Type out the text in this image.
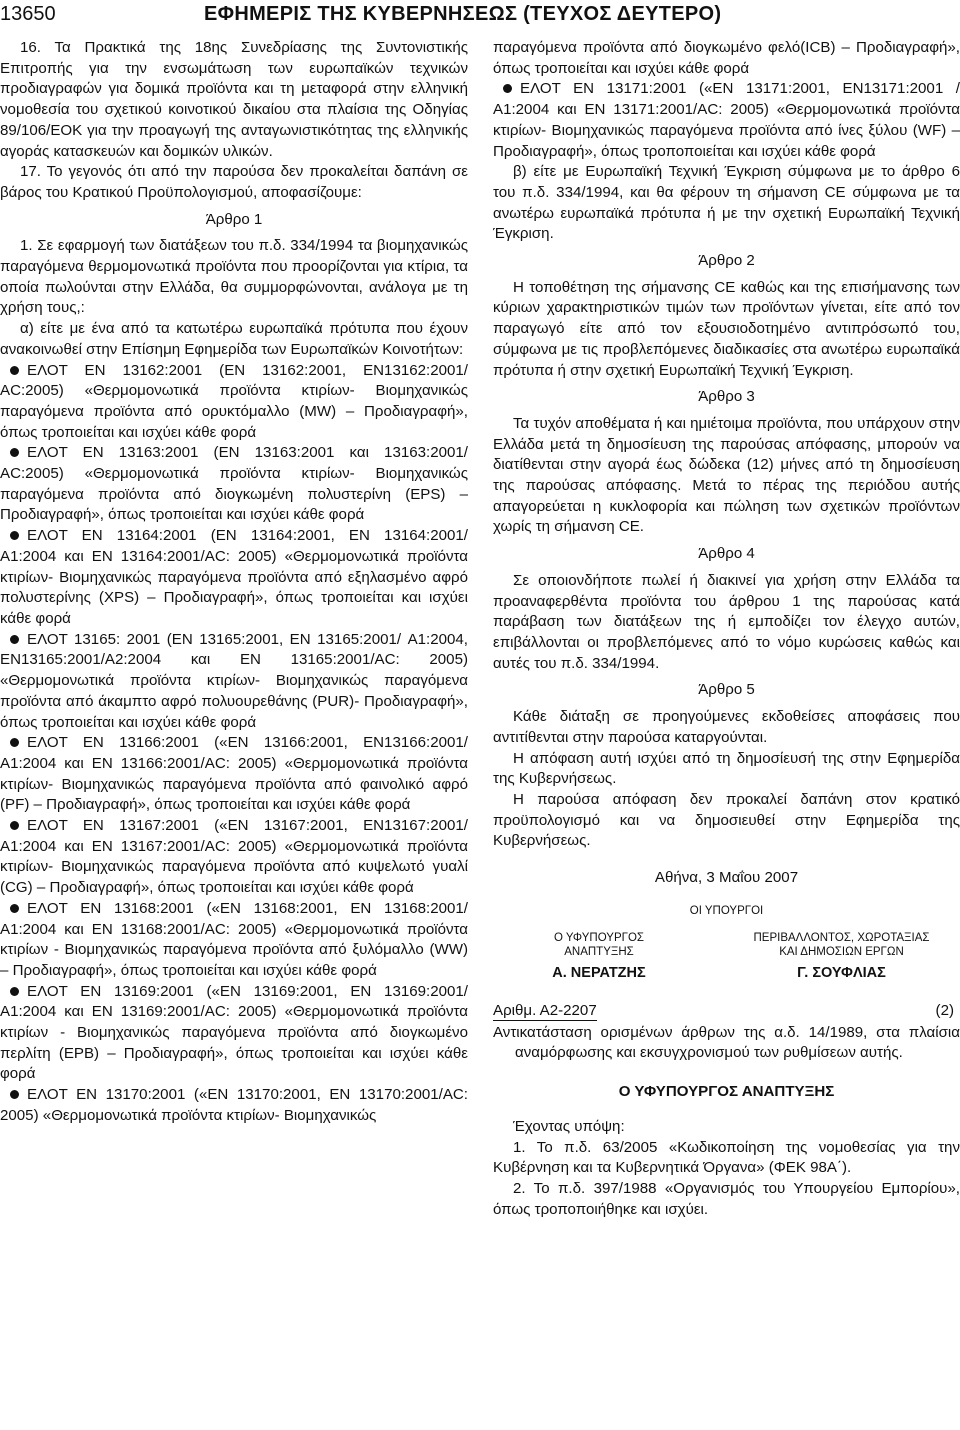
13650	ΕΦΗΜΕΡΙΣ ΤΗΣ ΚΥΒΕΡΝΗΣΕΩΣ (ΤΕΥΧΟΣ ΔΕΥΤΕΡΟ)

16. Τα Πρακτικά της 18ης Συνεδρίασης της Συντονιστικής Επιτροπής για την ενσωμάτωση των ευρωπαϊκών τεχνικών προδιαγραφών για δομικά προϊόντα και τη μεταφορά στην ελληνική νομοθεσία του σχετικού κοινοτικού δικαίου στα πλαίσια της Οδηγίας 89/106/ΕΟΚ για την προαγωγή της ανταγωνιστικότητας της ελληνικής αγοράς κατασκευών και δομικών υλικών.

17. Το γεγονός ότι από την παρούσα δεν προκαλείται δαπάνη σε βάρος του Κρατικού Προϋπολογισμού, αποφασίζουμε:

Άρθρο 1

1. Σε εφαρμογή των διατάξεων του π.δ. 334/1994 τα βιομηχανικώς παραγόμενα θερμομονωτικά προϊόντα που προορίζονται για κτίρια, τα οποία πωλούνται στην Ελλάδα, θα συμμορφώνονται, ανάλογα με τη χρήση τους,:

α) είτε με ένα από τα κατωτέρω ευρωπαϊκά πρότυπα που έχουν ανακοινωθεί στην Επίσημη Εφημερίδα των Ευρωπαϊκών Κοινοτήτων:

ΕΛΟΤ ΕΝ 13162:2001 (EN 13162:2001, EN13162:2001/ AC:2005) «Θερμομονωτικά προϊόντα κτιρίων- Βιομηχανικώς παραγόμενα προϊόντα από ορυκτόμαλλο (MW) – Προδιαγραφή», όπως τροποιείται και ισχύει κάθε φορά

ΕΛΟΤ ΕΝ 13163:2001 (ΕΝ 13163:2001 και 13163:2001/ AC:2005) «Θερμομονωτικά προϊόντα κτιρίων- Βιομηχανικώς παραγόμενα προϊόντα από διογκωμένη πολυστερίνη (EPS) – Προδιαγραφή», όπως τροποιείται και ισχύει κάθε φορά

ΕΛΟΤ ΕΝ 13164:2001 (ΕΝ 13164:2001, ΕΝ 13164:2001/ A1:2004 και ΕΝ 13164:2001/AC: 2005) «Θερμομονωτικά προϊόντα κτιρίων- Βιομηχανικώς παραγόμενα προϊόντα από εξηλασμένο αφρό πολυστερίνης (XPS) – Προδιαγραφή», όπως τροποιείται και ισχύει κάθε φορά

ΕΛΟΤ 13165: 2001 (ΕΝ 13165:2001, ΕΝ 13165:2001/ A1:2004, EN13165:2001/A2:2004 και ΕΝ 13165:2001/AC: 2005) «Θερμομονωτικά προϊόντα κτιρίων- Βιομηχανικώς παραγόμενα προϊόντα από άκαμπτο αφρό πολυουρεθάνης (PUR)- Προδιαγραφή», όπως τροποιείται και ισχύει κάθε φορά

ΕΛΟΤ ΕΝ 13166:2001 («ΕΝ 13166:2001, ΕΝ13166:2001/ A1:2004 και ΕΝ 13166:2001/AC: 2005) «Θερμομονωτικά προϊόντα κτιρίων- Βιομηχανικώς παραγόμενα προϊόντα από φαινολικό αφρό (PF) – Προδιαγραφή», όπως τροποιείται και ισχύει κάθε φορά

ΕΛΟΤ ΕΝ 13167:2001 («ΕΝ 13167:2001, ΕΝ13167:2001/ A1:2004 και ΕΝ 13167:2001/AC: 2005) «Θερμομονωτικά προϊόντα κτιρίων- Βιομηχανικώς παραγόμενα προϊόντα από κυψελωτό γυαλί (CG) – Προδιαγραφή», όπως τροποιείται και ισχύει κάθε φορά

ΕΛΟΤ ΕΝ 13168:2001 («ΕΝ 13168:2001, ΕΝ 13168:2001/ A1:2004 και ΕΝ 13168:2001/AC: 2005) «Θερμομονωτικά προϊόντα κτιρίων - Βιομηχανικώς παραγόμενα προϊόντα από ξυλόμαλλο (WW) – Προδιαγραφή», όπως τροποιείται και ισχύει κάθε φορά

ΕΛΟΤ ΕΝ 13169:2001 («ΕΝ 13169:2001, ΕΝ 13169:2001/ A1:2004 και ΕΝ 13169:2001/AC: 2005) «Θερμομονωτικά προϊόντα κτιρίων - Βιομηχανικώς παραγόμενα προϊόντα από διογκωμένο περλίτη (EPB) – Προδιαγραφή», όπως τροποιείται και ισχύει κάθε φορά

ΕΛΟΤ ΕΝ 13170:2001 («ΕΝ 13170:2001, ΕΝ 13170:2001/AC: 2005) «Θερμομονωτικά προϊόντα κτιρίων- Βιομηχανικώς

παραγόμενα προϊόντα από διογκωμένο φελό(ICB) – Προδιαγραφή», όπως τροποιείται και ισχύει κάθε φορά

ΕΛΟΤ ΕΝ 13171:2001 («ΕΝ 13171:2001, ΕΝ13171:2001 / A1:2004 και ΕΝ 13171:2001/AC: 2005) «Θερμομονωτικά προϊόντα κτιρίων- Βιομηχανικώς παραγόμενα προϊόντα από ίνες ξύλου (WF) – Προδιαγραφή», όπως τροποποιείται και ισχύει κάθε φορά

β) είτε με Ευρωπαϊκή Τεχνική Έγκριση σύμφωνα με το άρθρο 6 του π.δ. 334/1994, και θα φέρουν τη σήμανση CE σύμφωνα με τα ανωτέρω ευρωπαϊκά πρότυπα ή με την σχετική Ευρωπαϊκή Τεχνική Έγκριση.

Άρθρο 2

Η τοποθέτηση της σήμανσης CE καθώς και της επισήμανσης των κύριων χαρακτηριστικών τιμών των προϊόντων γίνεται, είτε από τον παραγωγό είτε από τον εξουσιοδοτημένο αντιπρόσωπό του, σύμφωνα με τις προβλεπόμενες διαδικασίες στα ανωτέρω ευρωπαϊκά πρότυπα ή στην σχετική Ευρωπαϊκή Τεχνική Έγκριση.

Άρθρο 3

Τα τυχόν αποθέματα ή και ημιέτοιμα προϊόντα, που υπάρχουν στην Ελλάδα μετά τη δημοσίευση της παρούσας απόφασης, μπορούν να διατίθενται στην αγορά έως δώδεκα (12) μήνες από τη δημοσίευση της παρούσας απόφασης. Μετά το πέρας της περιόδου αυτής απαγορεύεται η κυκλοφορία και πώληση των σχετικών προϊόντων χωρίς τη σήμανση CE.

Άρθρο 4

Σε οποιονδήποτε πωλεί ή διακινεί για χρήση στην Ελλάδα τα προαναφερθέντα προϊόντα του άρθρου 1 της παρούσας κατά παράβαση των διατάξεων της ή εμποδίζει τον έλεγχο αυτών, επιβάλλονται οι προβλεπόμενες από το νόμο κυρώσεις καθώς και αυτές του π.δ. 334/1994.

Άρθρο 5

Κάθε διάταξη σε προηγούμενες εκδοθείσες αποφάσεις που αντιτίθενται στην παρούσα καταργούνται.

Η απόφαση αυτή ισχύει από τη δημοσίευσή της στην Εφημερίδα της Κυβερνήσεως.

Η παρούσα απόφαση δεν προκαλεί δαπάνη στον κρατικό προϋπολογισμό και να δημοσιευθεί στην Εφημερίδα της Κυβερνήσεως.

Αθήνα, 3 Μαΐου 2007

ΟΙ ΥΠΟΥΡΓΟΙ
Ο ΥΦΥΠΟΥΡΓΟΣ
ΑΝΑΠΤΥΞΗΣ
ΠΕΡΙΒΑΛΛΟΝΤΟΣ, ΧΩΡΟΤΑΞΙΑΣ
ΚΑΙ ΔΗΜΟΣΙΩΝ ΕΡΓΩΝ
Α. ΝΕΡΑΤΖΗΣ	Γ. ΣΟΥΦΛΙΑΣ
Αριθμ. Α2-2207	(2)

Αντικατάσταση ορισμένων άρθρων της α.δ. 14/1989, στα πλαίσια αναμόρφωσης και εκσυγχρονισμού των ρυθμίσεων αυτής.

Ο ΥΦΥΠΟΥΡΓΟΣ ΑΝΑΠΤΥΞΗΣ

Έχοντας υπόψη:

1. Το π.δ. 63/2005 «Κωδικοποίηση της νομοθεσίας για την Κυβέρνηση και τα Κυβερνητικά Όργανα» (ΦΕΚ 98Α΄).

2. Το π.δ. 397/1988 «Οργανισμός του Υπουργείου Εμπορίου», όπως τροποποιήθηκε και ισχύει.
